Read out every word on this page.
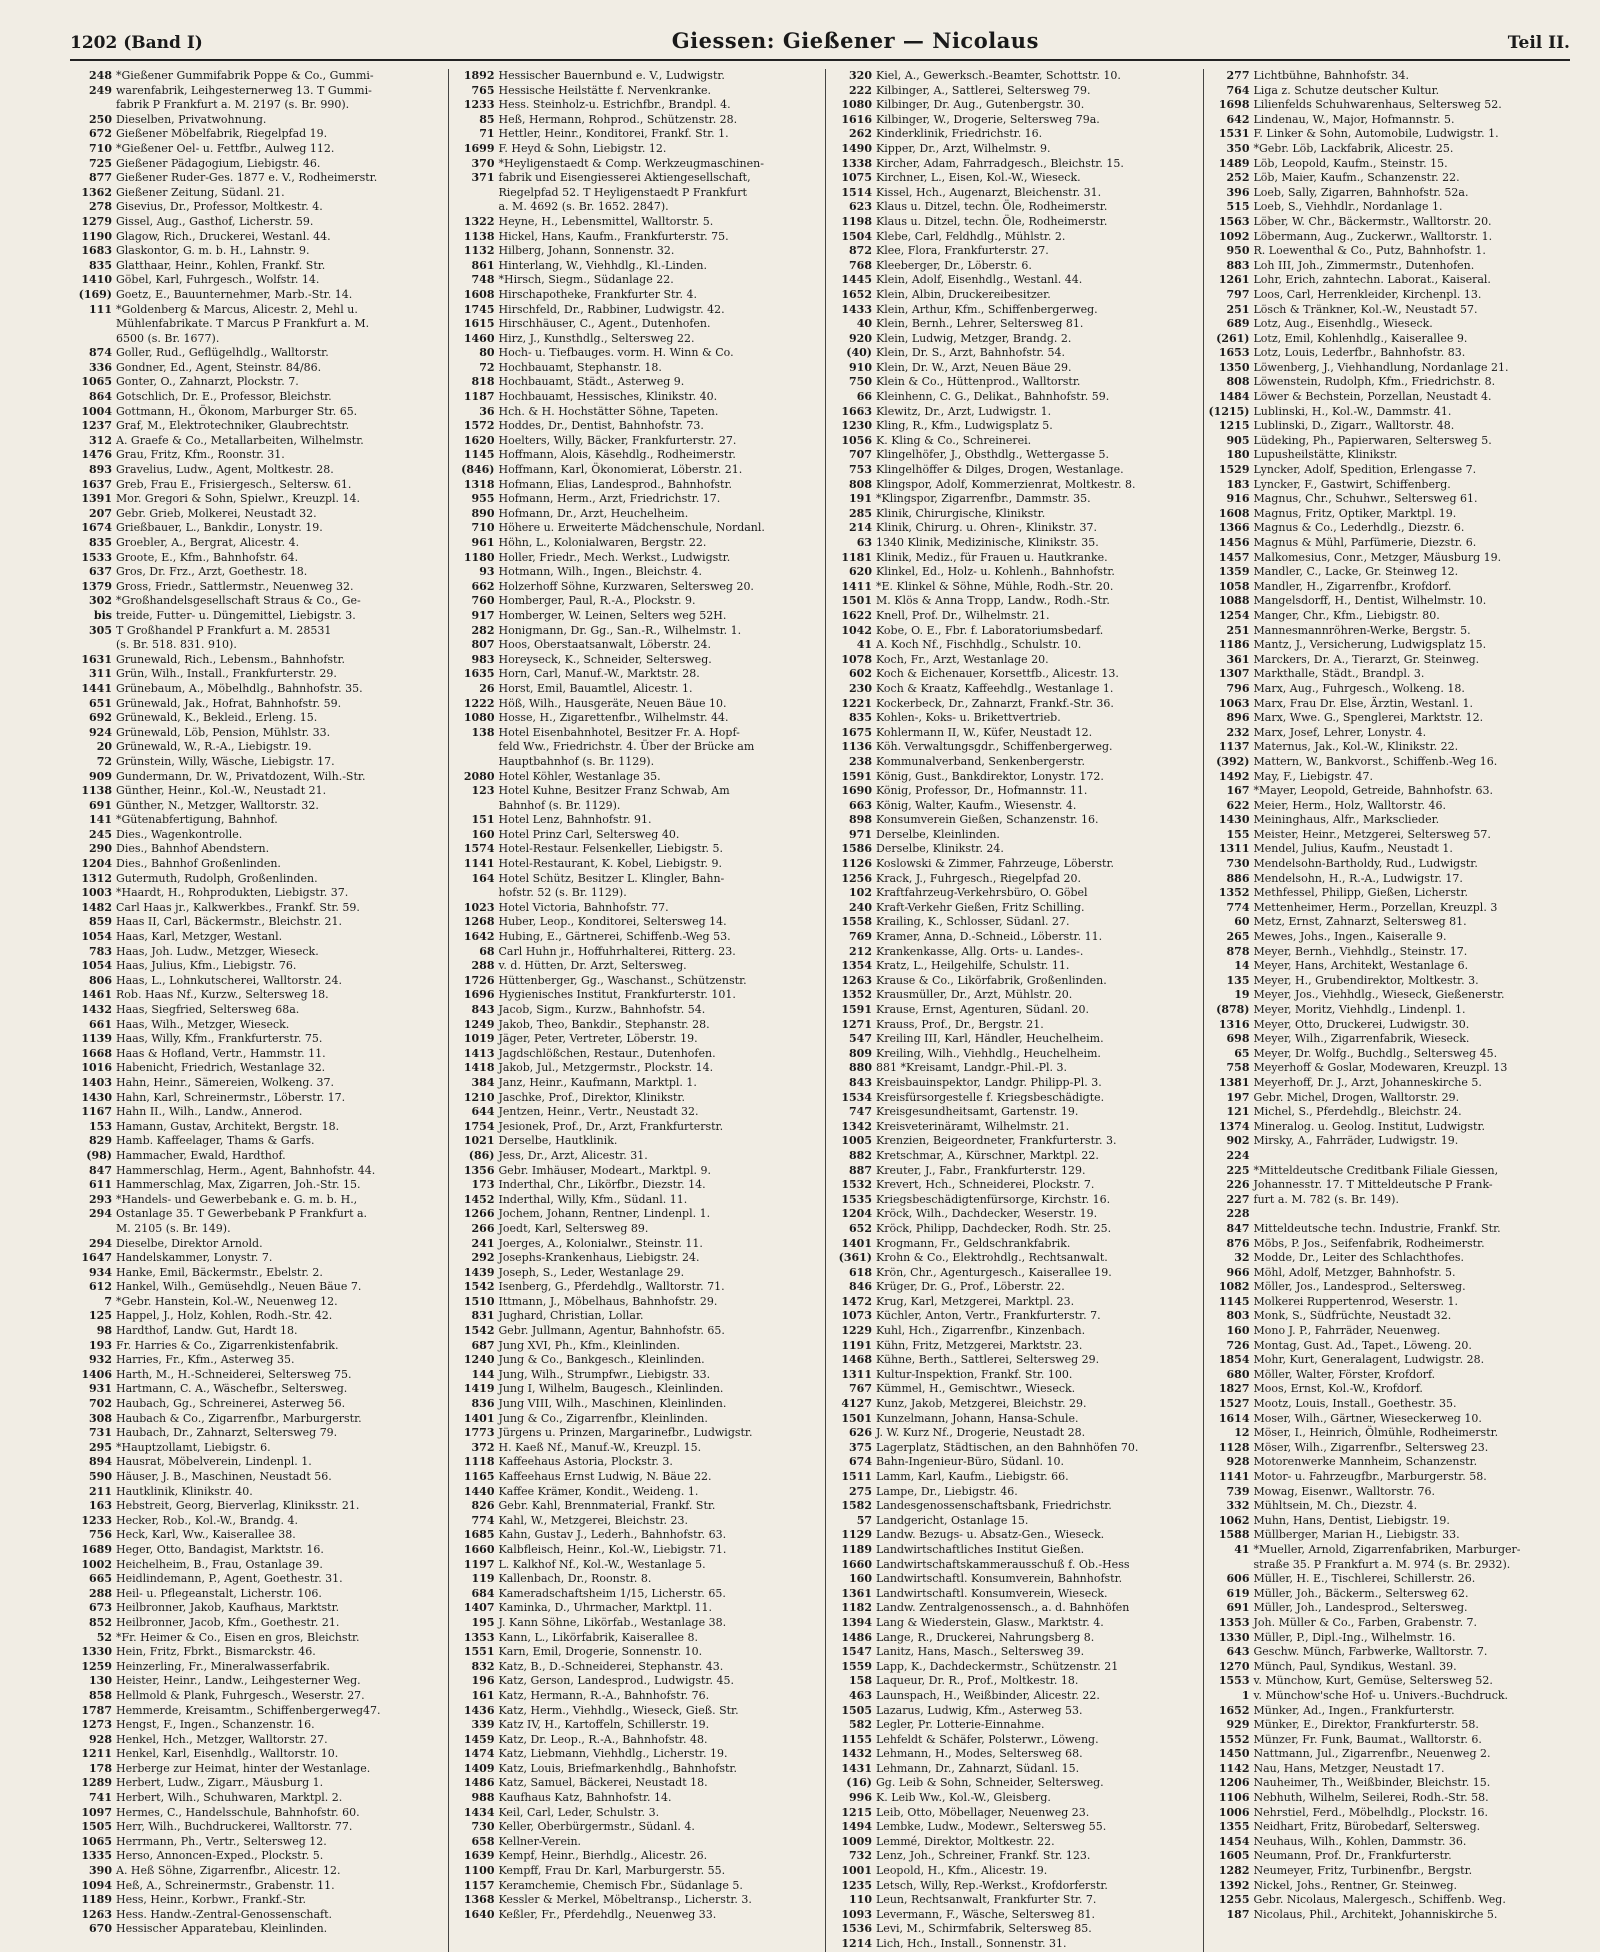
1202 (Band I)	Giessen: Gießener — Nicolaus	Teil II.
248 *Gießener Gummifabrik Poppe & Co., Gummi-
249 warenfabrik, Leihgesternerweg 13. T Gummi-
fabrik P Frankfurt a. M. 2197 (s. Br. 990).
250 Dieselben, Privatwohnung.
672 Gießener Möbelfabrik, Riegelpfad 19.
710 *Gießener Oel- u. Fettfbr., Aulweg 112.
725 Gießener Pädagogium, Liebigstr. 46.
877 Gießener Ruder-Ges. 1877 e. V., Rodheimerstr.
1362 Gießener Zeitung, Südanl. 21.
278 Gisevius, Dr., Professor, Moltkestr. 4.
1279 Gissel, Aug., Gasthof, Licherstr. 59.
1190 Glagow, Rich., Druckerei, Westanl. 44.
1683 Glaskontor, G. m. b. H., Lahnstr. 9.
835 Glatthaar, Heinr., Kohlen, Frankf. Str.
1410 Göbel, Karl, Fuhrgesch., Wolfstr. 14.
(169) Goetz, E., Bauunternehmer, Marb.-Str. 14.
111 *Goldenberg & Marcus, Alicestr. 2, Mehl u.
Mühlenfabrikate. T Marcus P Frankfurt a. M.
6500 (s. Br. 1677).
874 Goller, Rud., Geflügelhdlg., Walltorstr.
336 Gondner, Ed., Agent, Steinstr. 84/86.
1065 Gonter, O., Zahnarzt, Plockstr. 7.
864 Gotschlich, Dr. E., Professor, Bleichstr.
1004 Gottmann, H., Ökonom, Marburger Str. 65.
1237 Graf, M., Elektrotechniker, Glaubrechtstr.
312 A. Graefe & Co., Metallarbeiten, Wilhelmstr.
1476 Grau, Fritz, Kfm., Roonstr. 31.
893 Gravelius, Ludw., Agent, Moltkestr. 28.
1637 Greb, Frau E., Frisiergesch., Seltersw. 61.
1391 Mor. Gregori & Sohn, Spielwr., Kreuzpl. 14.
207 Gebr. Grieb, Molkerei, Neustadt 32.
1674 Grießbauer, L., Bankdir., Lonystr. 19.
835 Groebler, A., Bergrat, Alicestr. 4.
1533 Groote, E., Kfm., Bahnhofstr. 64.
637 Gros, Dr. Frz., Arzt, Goethestr. 18.
1379 Gross, Friedr., Sattlermstr., Neuenweg 32.
302 *Großhandelsgesellschaft Straus & Co., Ge-
bis treide, Futter- u. Düngemittel, Liebigstr. 3.
305 T Großhandel P Frankfurt a. M. 28531
(s. Br. 518. 831. 910).
1631 Grunewald, Rich., Lebensm., Bahnhofstr.
311 Grün, Wilh., Install., Frankfurterstr. 29.
1441 Grünebaum, A., Möbelhdlg., Bahnhofstr. 35.
651 Grünewald, Jak., Hofrat, Bahnhofstr. 59.
692 Grünewald, K., Bekleid., Erleng. 15.
924 Grünewald, Löb, Pension, Mühlstr. 33.
20 Grünewald, W., R.-A., Liebigstr. 19.
72 Grünstein, Willy, Wäsche, Liebigstr. 17.
909 Gundermann, Dr. W., Privatdozent, Wilh.-Str.
1138 Günther, Heinr., Kol.-W., Neustadt 21.
691 Günther, N., Metzger, Walltorstr. 32.
141 *Gütenabfertigung, Bahnhof.
245 Dies., Wagenkontrolle.
290 Dies., Bahnhof Abendstern.
1204 Dies., Bahnhof Großenlinden.
1312 Gutermuth, Rudolph, Großenlinden.
1003 *Haardt, H., Rohprodukten, Liebigstr. 37.
1482 Carl Haas jr., Kalkwerkbes., Frankf. Str. 59.
859 Haas II, Carl, Bäckermstr., Bleichstr. 21.
1054 Haas, Karl, Metzger, Westanl.
783 Haas, Joh. Ludw., Metzger, Wieseck.
1054 Haas, Julius, Kfm., Liebigstr. 76.
806 Haas, L., Lohnkutscherei, Walltorstr. 24.
1461 Rob. Haas Nf., Kurzw., Seltersweg 18.
1432 Haas, Siegfried, Seltersweg 68a.
661 Haas, Wilh., Metzger, Wieseck.
1139 Haas, Willy, Kfm., Frankfurterstr. 75.
1668 Haas & Hofland, Vertr., Hammstr. 11.
1016 Habenicht, Friedrich, Westanlage 32.
1403 Hahn, Heinr., Sämereien, Wolkeng. 37.
1430 Hahn, Karl, Schreinermstr., Löberstr. 17.
1167 Hahn II., Wilh., Landw., Annerod.
153 Hamann, Gustav, Architekt, Bergstr. 18.
829 Hamb. Kaffeelager, Thams & Garfs.
(98) Hammacher, Ewald, Hardthof.
847 Hammerschlag, Herm., Agent, Bahnhofstr. 44.
611 Hammerschlag, Max, Zigarren, Joh.-Str. 15.
293 *Handels- und Gewerbebank e. G. m. b. H.,
294 Ostanlage 35. T Gewerbebank P Frankfurt a.
M. 2105 (s. Br. 149).
294 Dieselbe, Direktor Arnold.
1647 Handelskammer, Lonystr. 7.
934 Hanke, Emil, Bäckermstr., Ebelstr. 2.
612 Hankel, Wilh., Gemüsehdlg., Neuen Bäue 7.
7 *Gebr. Hanstein, Kol.-W., Neuenweg 12.
125 Happel, J., Holz, Kohlen, Rodh.-Str. 42.
98 Hardthof, Landw. Gut, Hardt 18.
193 Fr. Harries & Co., Zigarrenkistenfabrik.
932 Harries, Fr., Kfm., Asterweg 35.
1406 Harth, M., H.-Schneiderei, Seltersweg 75.
931 Hartmann, C. A., Wäschefbr., Seltersweg.
702 Haubach, Gg., Schreinerei, Asterweg 56.
308 Haubach & Co., Zigarrenfbr., Marburgerstr.
731 Haubach, Dr., Zahnarzt, Seltersweg 79.
295 *Hauptzollamt, Liebigstr. 6.
894 Hausrat, Möbelverein, Lindenpl. 1.
590 Häuser, J. B., Maschinen, Neustadt 56.
211 Hautklinik, Klinikstr. 40.
163 Hebstreit, Georg, Bierverlag, Kliniksstr. 21.
1233 Hecker, Rob., Kol.-W., Brandg. 4.
756 Heck, Karl, Ww., Kaiserallee 38.
1689 Heger, Otto, Bandagist, Marktstr. 16.
1002 Heichelheim, B., Frau, Ostanlage 39.
665 Heidlindemann, P., Agent, Goethestr. 31.
288 Heil- u. Pflegeanstalt, Licherstr. 106.
673 Heilbronner, Jakob, Kaufhaus, Marktstr.
852 Heilbronner, Jacob, Kfm., Goethestr. 21.
52 *Fr. Heimer & Co., Eisen en gros, Bleichstr.
1330 Hein, Fritz, Fbrkt., Bismarckstr. 46.
1259 Heinzerling, Fr., Mineralwasserfabrik.
130 Heister, Heinr., Landw., Leihgesterner Weg.
858 Hellmold & Plank, Fuhrgesch., Weserstr. 27.
1787 Hemmerde, Kreisamtm., Schiffenbergerweg47.
1273 Hengst, F., Ingen., Schanzenstr. 16.
928 Henkel, Hch., Metzger, Walltorstr. 27.
1211 Henkel, Karl, Eisenhdlg., Walltorstr. 10.
178 Herberge zur Heimat, hinter der Westanlage.
1289 Herbert, Ludw., Zigarr., Mäusburg 1.
741 Herbert, Wilh., Schuhwaren, Marktpl. 2.
1097 Hermes, C., Handelsschule, Bahnhofstr. 60.
1505 Herr, Wilh., Buchdruckerei, Walltorstr. 77.
1065 Herrmann, Ph., Vertr., Seltersweg 12.
1335 Herso, Annoncen-Exped., Plockstr. 5.
390 A. Heß Söhne, Zigarrenfbr., Alicestr. 12.
1094 Heß, A., Schreinermstr., Grabenstr. 11.
1189 Hess, Heinr., Korbwr., Frankf.-Str.
1263 Hess. Handw.-Zentral-Genossenschaft.
670 Hessischer Apparatebau, Kleinlinden.
1892 Hessischer Bauernbund e. V., Ludwigstr.
765 Hessische Heilstätte f. Nervenkranke.
1233 Hess. Steinholz-u. Estrichfbr., Brandpl. 4.
85 Heß, Hermann, Rohprod., Schützenstr. 28.
71 Hettler, Heinr., Konditorei, Frankf. Str. 1.
1699 F. Heyd & Sohn, Liebigstr. 12.
370 *Heyligenstaedt & Comp. Werkzeugmaschinen-
371 fabrik und Eisengiesserei Aktiengesellschaft,
Riegelpfad 52. T Heyligenstaedt P Frankfurt
a. M. 4692 (s. Br. 1652. 2847).
1322 Heyne, H., Lebensmittel, Walltorstr. 5.
1138 Hickel, Hans, Kaufm., Frankfurterstr. 75.
1132 Hilberg, Johann, Sonnenstr. 32.
861 Hinterlang, W., Viehhdlg., Kl.-Linden.
748 *Hirsch, Siegm., Südanlage 22.
1608 Hirschapotheke, Frankfurter Str. 4.
1745 Hirschfeld, Dr., Rabbiner, Ludwigstr. 42.
1615 Hirschhäuser, C., Agent., Dutenhofen.
1460 Hirz, J., Kunsthdlg., Seltersweg 22.
80 Hoch- u. Tiefbauges. vorm. H. Winn & Co.
72 Hochbauamt, Stephanstr. 18.
818 Hochbauamt, Städt., Asterweg 9.
1187 Hochbauamt, Hessisches, Klinikstr. 40.
36 Hch. & H. Hochstätter Söhne, Tapeten.
1572 Hoddes, Dr., Dentist, Bahnhofstr. 73.
1620 Hoelters, Willy, Bäcker, Frankfurterstr. 27.
1145 Hoffmann, Alois, Käsehdlg., Rodheimerstr.
(846) Hoffmann, Karl, Ökonomierat, Löberstr. 21.
1318 Hofmann, Elias, Landesprod., Bahnhofstr.
955 Hofmann, Herm., Arzt, Friedrichstr. 17.
890 Hofmann, Dr., Arzt, Heuchelheim.
710 Höhere u. Erweiterte Mädchenschule, Nordanl.
961 Höhn, L., Kolonialwaren, Bergstr. 22.
1180 Holler, Friedr., Mech. Werkst., Ludwigstr.
93 Hotmann, Wilh., Ingen., Bleichstr. 4.
662 Holzerhoff Söhne, Kurzwaren, Seltersweg 20.
760 Homberger, Paul, R.-A., Plockstr. 9.
917 Homberger, W. Leinen, Selters weg 52H.
282 Honigmann, Dr. Gg., San.-R., Wilhelmstr. 1.
807 Hoos, Oberstaatsanwalt, Löberstr. 24.
983 Horeyseck, K., Schneider, Seltersweg.
1635 Horn, Carl, Manuf.-W., Marktstr. 28.
26 Horst, Emil, Bauamtlel, Alicestr. 1.
1222 Höß, Wilh., Hausgeräte, Neuen Bäue 10.
1080 Hosse, H., Zigarettenfbr., Wilhelmstr. 44.
138 Hotel Eisenbahnhotel, Besitzer Fr. A. Hopf-
feld Ww., Friedrichstr. 4. Über der Brücke am
Hauptbahnhof (s. Br. 1129).
2080 Hotel Köhler, Westanlage 35.
123 Hotel Kuhne, Besitzer Franz Schwab, Am
Bahnhof (s. Br. 1129).
151 Hotel Lenz, Bahnhofstr. 91.
160 Hotel Prinz Carl, Seltersweg 40.
1574 Hotel-Restaur. Felsenkeller, Liebigstr. 5.
1141 Hotel-Restaurant, K. Kobel, Liebigstr. 9.
164 Hotel Schütz, Besitzer L. Klingler, Bahn-
hofstr. 52 (s. Br. 1129).
1023 Hotel Victoria, Bahnhofstr. 77.
1268 Huber, Leop., Konditorei, Seltersweg 14.
1642 Hubing, E., Gärtnerei, Schiffenb.-Weg 53.
68 Carl Huhn jr., Hoffuhrhalterei, Ritterg. 23.
288 v. d. Hütten, Dr. Arzt, Seltersweg.
1726 Hüttenberger, Gg., Waschanst., Schützenstr.
1696 Hygienisches Institut, Frankfurterstr. 101.
843 Jacob, Sigm., Kurzw., Bahnhofstr. 54.
1249 Jakob, Theo, Bankdir., Stephanstr. 28.
1019 Jäger, Peter, Vertreter, Löberstr. 19.
1413 Jagdschlößchen, Restaur., Dutenhofen.
1418 Jakob, Jul., Metzgermstr., Plockstr. 14.
384 Janz, Heinr., Kaufmann, Marktpl. 1.
1210 Jaschke, Prof., Direktor, Klinikstr.
644 Jentzen, Heinr., Vertr., Neustadt 32.
1754 Jesionek, Prof., Dr., Arzt, Frankfurterstr.
1021 Derselbe, Hautklinik.
(86) Jess, Dr., Arzt, Alicestr. 31.
1356 Gebr. Imhäuser, Modeart., Marktpl. 9.
173 Inderthal, Chr., Likörfbr., Diezstr. 14.
1452 Inderthal, Willy, Kfm., Südanl. 11.
1266 Jochem, Johann, Rentner, Lindenpl. 1.
266 Joedt, Karl, Seltersweg 89.
241 Joerges, A., Kolonialwr., Steinstr. 11.
292 Josephs-Krankenhaus, Liebigstr. 24.
1439 Joseph, S., Leder, Westanlage 29.
1542 Isenberg, G., Pferdehdlg., Walltorstr. 71.
1510 Ittmann, J., Möbelhaus, Bahnhofstr. 29.
831 Jughard, Christian, Lollar.
1542 Gebr. Jullmann, Agentur, Bahnhofstr. 65.
687 Jung XVI, Ph., Kfm., Kleinlinden.
1240 Jung & Co., Bankgesch., Kleinlinden.
144 Jung, Wilh., Strumpfwr., Liebigstr. 33.
1419 Jung I, Wilhelm, Baugesch., Kleinlinden.
836 Jung VIII, Wilh., Maschinen, Kleinlinden.
1401 Jung & Co., Zigarrenfbr., Kleinlinden.
1773 Jürgens u. Prinzen, Margarinefbr., Ludwigstr.
372 H. Kaeß Nf., Manuf.-W., Kreuzpl. 15.
1118 Kaffeehaus Astoria, Plockstr. 3.
1165 Kaffeehaus Ernst Ludwig, N. Bäue 22.
1440 Kaffee Krämer, Kondit., Weideng. 1.
826 Gebr. Kahl, Brennmaterial, Frankf. Str.
774 Kahl, W., Metzgerei, Bleichstr. 23.
1685 Kahn, Gustav J., Lederh., Bahnhofstr. 63.
1660 Kalbfleisch, Heinr., Kol.-W., Liebigstr. 71.
1197 L. Kalkhof Nf., Kol.-W., Westanlage 5.
119 Kallenbach, Dr., Roonstr. 8.
684 Kameradschaftsheim 1/15, Licherstr. 65.
1407 Kaminka, D., Uhrmacher, Marktpl. 11.
195 J. Kann Söhne, Likörfab., Westanlage 38.
1353 Kann, L., Likörfabrik, Kaiserallee 8.
1551 Karn, Emil, Drogerie, Sonnenstr. 10.
832 Katz, B., D.-Schneiderei, Stephanstr. 43.
196 Katz, Gerson, Landesprod., Ludwigstr. 45.
161 Katz, Hermann, R.-A., Bahnhofstr. 76.
1436 Katz, Herm., Viehhdlg., Wieseck, Gieß. Str.
339 Katz IV, H., Kartoffeln, Schillerstr. 19.
1459 Katz, Dr. Leop., R.-A., Bahnhofstr. 48.
1474 Katz, Liebmann, Viehhdlg., Licherstr. 19.
1409 Katz, Louis, Briefmarkenhdlg., Bahnhofstr.
1486 Katz, Samuel, Bäckerei, Neustadt 18.
988 Kaufhaus Katz, Bahnhofstr. 14.
1434 Keil, Carl, Leder, Schulstr. 3.
730 Keller, Oberbürgermstr., Südanl. 4.
658 Kellner-Verein.
1639 Kempf, Heinr., Bierhdlg., Alicestr. 26.
1100 Kempff, Frau Dr. Karl, Marburgerstr. 55.
1157 Keramchemie, Chemisch Fbr., Südanlage 5.
1368 Kessler & Merkel, Möbeltransp., Licherstr. 3.
1640 Keßler, Fr., Pferdehdlg., Neuenweg 33.
320 Kiel, A., Gewerksch.-Beamter, Schottstr. 10.
222 Kilbinger, A., Sattlerei, Seltersweg 79.
1080 Kilbinger, Dr. Aug., Gutenbergstr. 30.
1616 Kilbinger, W., Drogerie, Seltersweg 79a.
262 Kinderklinik, Friedrichstr. 16.
1490 Kipper, Dr., Arzt, Wilhelmstr. 9.
1338 Kircher, Adam, Fahrradgesch., Bleichstr. 15.
1075 Kirchner, L., Eisen, Kol.-W., Wieseck.
1514 Kissel, Hch., Augenarzt, Bleichenstr. 31.
623 Klaus u. Ditzel, techn. Öle, Rodheimerstr.
1198 Klaus u. Ditzel, techn. Öle, Rodheimerstr.
1504 Klebe, Carl, Feldhdlg., Mühlstr. 2.
872 Klee, Flora, Frankfurterstr. 27.
768 Kleeberger, Dr., Löberstr. 6.
1445 Klein, Adolf, Eisenhdlg., Westanl. 44.
1652 Klein, Albin, Druckereibesitzer.
1433 Klein, Arthur, Kfm., Schiffenbergerweg.
40 Klein, Bernh., Lehrer, Seltersweg 81.
920 Klein, Ludwig, Metzger, Brandg. 2.
(40) Klein, Dr. S., Arzt, Bahnhofstr. 54.
910 Klein, Dr. W., Arzt, Neuen Bäue 29.
750 Klein & Co., Hüttenprod., Walltorstr.
66 Kleinhenn, C. G., Delikat., Bahnhofstr. 59.
1663 Klewitz, Dr., Arzt, Ludwigstr. 1.
1230 Kling, R., Kfm., Ludwigsplatz 5.
1056 K. Kling & Co., Schreinerei.
707 Klingelhöfer, J., Obsthdlg., Wettergasse 5.
753 Klingelhöffer & Dilges, Drogen, Westanlage.
808 Klingspor, Adolf, Kommerzienrat, Moltkestr. 8.
191 *Klingspor, Zigarrenfbr., Dammstr. 35.
285 Klinik, Chirurgische, Klinikstr.
214 Klinik, Chirurg. u. Ohren-, Klinikstr. 37.
63 1340 Klinik, Medizinische, Klinikstr. 35.
1181 Klinik, Mediz., für Frauen u. Hautkranke.
620 Klinkel, Ed., Holz- u. Kohlenh., Bahnhofstr.
1411 *E. Klinkel & Söhne, Mühle, Rodh.-Str. 20.
1501 M. Klös & Anna Tropp, Landw., Rodh.-Str.
1622 Knell, Prof. Dr., Wilhelmstr. 21.
1042 Kobe, O. E., Fbr. f. Laboratoriumsbedarf.
41 A. Koch Nf., Fischhdlg., Schulstr. 10.
1078 Koch, Fr., Arzt, Westanlage 20.
602 Koch & Eichenauer, Korsettfb., Alicestr. 13.
230 Koch & Kraatz, Kaffeehdlg., Westanlage 1.
1221 Kockerbeck, Dr., Zahnarzt, Frankf.-Str. 36.
835 Kohlen-, Koks- u. Brikettvertrieb.
1675 Kohlermann II, W., Küfer, Neustadt 12.
1136 Köh. Verwaltungsgdr., Schiffenbergerweg.
238 Kommunalverband, Senkenbergerstr.
1591 König, Gust., Bankdirektor, Lonystr. 172.
1690 König, Professor, Dr., Hofmannstr. 11.
663 König, Walter, Kaufm., Wiesenstr. 4.
898 Konsumverein Gießen, Schanzenstr. 16.
971 Derselbe, Kleinlinden.
1586 Derselbe, Klinikstr. 24.
1126 Koslowski & Zimmer, Fahrzeuge, Löberstr.
1256 Krack, J., Fuhrgesch., Riegelpfad 20.
102 Kraftfahrzeug-Verkehrsbüro, O. Göbel
240 Kraft-Verkehr Gießen, Fritz Schilling.
1558 Krailing, K., Schlosser, Südanl. 27.
769 Kramer, Anna, D.-Schneid., Löberstr. 11.
212 Krankenkasse, Allg. Orts- u. Landes-.
1354 Kratz, L., Heilgehilfe, Schulstr. 11.
1263 Krause & Co., Likörfabrik, Großenlinden.
1352 Krausmüller, Dr., Arzt, Mühlstr. 20.
1591 Krause, Ernst, Agenturen, Südanl. 20.
1271 Krauss, Prof., Dr., Bergstr. 21.
547 Kreiling III, Karl, Händler, Heuchelheim.
809 Kreiling, Wilh., Viehhdlg., Heuchelheim.
880 881 *Kreisamt, Landgr.-Phil.-Pl. 3.
843 Kreisbauinspektor, Landgr. Philipp-Pl. 3.
1534 Kreisfürsorgestelle f. Kriegsbeschädigte.
747 Kreisgesundheitsamt, Gartenstr. 19.
1342 Kreisveterinäramt, Wilhelmstr. 21.
1005 Krenzien, Beigeordneter, Frankfurterstr. 3.
882 Kretschmar, A., Kürschner, Marktpl. 22.
887 Kreuter, J., Fabr., Frankfurterstr. 129.
1532 Krevert, Hch., Schneiderei, Plockstr. 7.
1535 Kriegsbeschädigtenfürsorge, Kirchstr. 16.
1204 Kröck, Wilh., Dachdecker, Weserstr. 19.
652 Kröck, Philipp, Dachdecker, Rodh. Str. 25.
1401 Krogmann, Fr., Geldschrankfabrik.
(361) Krohn & Co., Elektrohdlg., Rechtsanwalt.
618 Krön, Chr., Agenturgesch., Kaiserallee 19.
846 Krüger, Dr. G., Prof., Löberstr. 22.
1472 Krug, Karl, Metzgerei, Marktpl. 23.
1073 Küchler, Anton, Vertr., Frankfurterstr. 7.
1229 Kuhl, Hch., Zigarrenfbr., Kinzenbach.
1191 Kühn, Fritz, Metzgerei, Marktstr. 23.
1468 Kühne, Berth., Sattlerei, Seltersweg 29.
1311 Kultur-Inspektion, Frankf. Str. 100.
767 Kümmel, H., Gemischtwr., Wieseck.
4127 Kunz, Jakob, Metzgerei, Bleichstr. 29.
1501 Kunzelmann, Johann, Hansa-Schule.
626 J. W. Kurz Nf., Drogerie, Neustadt 28.
375 Lagerplatz, Städtischen, an den Bahnhöfen 70.
674 Bahn-Ingenieur-Büro, Südanl. 10.
1511 Lamm, Karl, Kaufm., Liebigstr. 66.
275 Lampe, Dr., Liebigstr. 46.
1582 Landesgenossenschaftsbank, Friedrichstr.
57 Landgericht, Ostanlage 15.
1129 Landw. Bezugs- u. Absatz-Gen., Wieseck.
1189 Landwirtschaftliches Institut Gießen.
1660 Landwirtschaftskammerausschuß f. Ob.-Hess
160 Landwirtschaftl. Konsumverein, Bahnhofstr.
1361 Landwirtschaftl. Konsumverein, Wieseck.
1182 Landw. Zentralgenossensch., a. d. Bahnhöfen
1394 Lang & Wiederstein, Glasw., Marktstr. 4.
1486 Lange, R., Druckerei, Nahrungsberg 8.
1547 Lanitz, Hans, Masch., Seltersweg 39.
1559 Lapp, K., Dachdeckermstr., Schützenstr. 21
158 Laqueur, Dr. R., Prof., Moltkestr. 18.
463 Launspach, H., Weißbinder, Alicestr. 22.
1505 Lazarus, Ludwig, Kfm., Asterweg 53.
582 Legler, Pr. Lotterie-Einnahme.
1155 Lehfeldt & Schäfer, Polsterwr., Löweng.
1432 Lehmann, H., Modes, Seltersweg 68.
1431 Lehmann, Dr., Zahnarzt, Südanl. 15.
(16) Gg. Leib & Sohn, Schneider, Seltersweg.
996 K. Leib Ww., Kol.-W., Gleisberg.
1215 Leib, Otto, Möbellager, Neuenweg 23.
1494 Lembke, Ludw., Modewr., Seltersweg 55.
1009 Lemmé, Direktor, Moltkestr. 22.
732 Lenz, Joh., Schreiner, Frankf. Str. 123.
1001 Leopold, H., Kfm., Alicestr. 19.
1235 Letsch, Willy, Rep.-Werkst., Krofdorferstr.
110 Leun, Rechtsanwalt, Frankfurter Str. 7.
1093 Levermann, F., Wäsche, Seltersweg 81.
1536 Levi, M., Schirmfabrik, Seltersweg 85.
1214 Lich, Hch., Install., Sonnenstr. 31.
277 Lichtbühne, Bahnhofstr. 34.
764 Liga z. Schutze deutscher Kultur.
1698 Lilienfelds Schuhwarenhaus, Seltersweg 52.
642 Lindenau, W., Major, Hofmannstr. 5.
1531 F. Linker & Sohn, Automobile, Ludwigstr. 1.
350 *Gebr. Löb, Lackfabrik, Alicestr. 25.
1489 Löb, Leopold, Kaufm., Steinstr. 15.
252 Löb, Maier, Kaufm., Schanzenstr. 22.
396 Loeb, Sally, Zigarren, Bahnhofstr. 52a.
515 Loeb, S., Viehhdlr., Nordanlage 1.
1563 Löber, W. Chr., Bäckermstr., Walltorstr. 20.
1092 Löbermann, Aug., Zuckerwr., Walltorstr. 1.
950 R. Loewenthal & Co., Putz, Bahnhofstr. 1.
883 Loh III, Joh., Zimmermstr., Dutenhofen.
1261 Lohr, Erich, zahntechn. Laborat., Kaiseral.
797 Loos, Carl, Herrenkleider, Kirchenpl. 13.
251 Lösch & Tränkner, Kol.-W., Neustadt 57.
689 Lotz, Aug., Eisenhdlg., Wieseck.
(261) Lotz, Emil, Kohlenhdlg., Kaiserallee 9.
1653 Lotz, Louis, Lederfbr., Bahnhofstr. 83.
1350 Löwenberg, J., Viehhandlung, Nordanlage 21.
808 Löwenstein, Rudolph, Kfm., Friedrichstr. 8.
1484 Löwer & Bechstein, Porzellan, Neustadt 4.
(1215) Lublinski, H., Kol.-W., Dammstr. 41.
1215 Lublinski, D., Zigarr., Walltorstr. 48.
905 Lüdeking, Ph., Papierwaren, Seltersweg 5.
180 Lupusheilstätte, Klinikstr.
1529 Lyncker, Adolf, Spedition, Erlengasse 7.
183 Lyncker, F., Gastwirt, Schiffenberg.
916 Magnus, Chr., Schuhwr., Seltersweg 61.
1608 Magnus, Fritz, Optiker, Marktpl. 19.
1366 Magnus & Co., Lederhdlg., Diezstr. 6.
1456 Magnus & Mühl, Parfümerie, Diezstr. 6.
1457 Malkomesius, Conr., Metzger, Mäusburg 19.
1359 Mandler, C., Lacke, Gr. Steinweg 12.
1058 Mandler, H., Zigarrenfbr., Krofdorf.
1088 Mangelsdorff, H., Dentist, Wilhelmstr. 10.
1254 Manger, Chr., Kfm., Liebigstr. 80.
251 Mannesmannröhren-Werke, Bergstr. 5.
1186 Mantz, J., Versicherung, Ludwigsplatz 15.
361 Marckers, Dr. A., Tierarzt, Gr. Steinweg.
1307 Markthalle, Städt., Brandpl. 3.
796 Marx, Aug., Fuhrgesch., Wolkeng. 18.
1063 Marx, Frau Dr. Else, Ärztin, Westanl. 1.
896 Marx, Wwe. G., Spenglerei, Marktstr. 12.
232 Marx, Josef, Lehrer, Lonystr. 4.
1137 Maternus, Jak., Kol.-W., Klinikstr. 22.
(392) Mattern, W., Bankvorst., Schiffenb.-Weg 16.
1492 May, F., Liebigstr. 47.
167 *Mayer, Leopold, Getreide, Bahnhofstr. 63.
622 Meier, Herm., Holz, Walltorstr. 46.
1430 Meininghaus, Alfr., Marksclieder.
155 Meister, Heinr., Metzgerei, Seltersweg 57.
1311 Mendel, Julius, Kaufm., Neustadt 1.
730 Mendelsohn-Bartholdy, Rud., Ludwigstr.
886 Mendelsohn, H., R.-A., Ludwigstr. 17.
1352 Methfessel, Philipp, Gießen, Licherstr.
774 Mettenheimer, Herm., Porzellan, Kreuzpl. 3
60 Metz, Ernst, Zahnarzt, Seltersweg 81.
265 Mewes, Johs., Ingen., Kaiseralle 9.
878 Meyer, Bernh., Viehhdlg., Steinstr. 17.
14 Meyer, Hans, Architekt, Westanlage 6.
135 Meyer, H., Grubendirektor, Moltkestr. 3.
19 Meyer, Jos., Viehhdlg., Wieseck, Gießenerstr.
(878) Meyer, Moritz, Viehhdlg., Lindenpl. 1.
1316 Meyer, Otto, Druckerei, Ludwigstr. 30.
698 Meyer, Wilh., Zigarrenfabrik, Wieseck.
65 Meyer, Dr. Wolfg., Buchdlg., Seltersweg 45.
758 Meyerhoff & Goslar, Modewaren, Kreuzpl. 13
1381 Meyerhoff, Dr. J., Arzt, Johanneskirche 5.
197 Gebr. Michel, Drogen, Walltorstr. 29.
121 Michel, S., Pferdehdlg., Bleichstr. 24.
1374 Mineralog. u. Geolog. Institut, Ludwigstr.
902 Mirsky, A., Fahrräder, Ludwigstr. 19.
224
225 *Mitteldeutsche Creditbank Filiale Giessen,
226 Johannesstr. 17. T Mitteldeutsche P Frank-
227 furt a. M. 782 (s. Br. 149).
228
847 Mitteldeutsche techn. Industrie, Frankf. Str.
876 Möbs, P. Jos., Seifenfabrik, Rodheimerstr.
32 Modde, Dr., Leiter des Schlachthofes.
966 Möhl, Adolf, Metzger, Bahnhofstr. 5.
1082 Möller, Jos., Landesprod., Seltersweg.
1145 Molkerei Ruppertenrod, Weserstr. 1.
803 Monk, S., Südfrüchte, Neustadt 32.
160 Mono J. P., Fahrräder, Neuenweg.
726 Montag, Gust. Ad., Tapet., Löweng. 20.
1854 Mohr, Kurt, Generalagent, Ludwigstr. 28.
680 Möller, Walter, Förster, Krofdorf.
1827 Moos, Ernst, Kol.-W., Krofdorf.
1527 Mootz, Louis, Install., Goethestr. 35.
1614 Moser, Wilh., Gärtner, Wieseckerweg 10.
12 Möser, I., Heinrich, Ölmühle, Rodheimerstr.
1128 Möser, Wilh., Zigarrenfbr., Seltersweg 23.
928 Motorenwerke Mannheim, Schanzenstr.
1141 Motor- u. Fahrzeugfbr., Marburgerstr. 58.
739 Mowag, Eisenwr., Walltorstr. 76.
332 Mühltsein, M. Ch., Diezstr. 4.
1062 Muhn, Hans, Dentist, Liebigstr. 19.
1588 Müllberger, Marian H., Liebigstr. 33.
41 *Mueller, Arnold, Zigarrenfabriken, Marburger-
straße 35. P Frankfurt a. M. 974 (s. Br. 2932).
606 Müller, H. E., Tischlerei, Schillerstr. 26.
619 Müller, Joh., Bäckerm., Seltersweg 62.
691 Müller, Joh., Landesprod., Seltersweg.
1353 Joh. Müller & Co., Farben, Grabenstr. 7.
1330 Müller, P., Dipl.-Ing., Wilhelmstr. 16.
643 Geschw. Münch, Farbwerke, Walltorstr. 7.
1270 Münch, Paul, Syndikus, Westanl. 39.
1553 v. Münchow, Kurt, Gemüse, Seltersweg 52.
1 v. Münchow'sche Hof- u. Univers.-Buchdruck.
1652 Münker, Ad., Ingen., Frankfurterstr.
929 Münker, E., Direktor, Frankfurterstr. 58.
1552 Münzer, Fr. Funk, Baumat., Walltorstr. 6.
1450 Nattmann, Jul., Zigarrenfbr., Neuenweg 2.
1142 Nau, Hans, Metzger, Neustadt 17.
1206 Nauheimer, Th., Weißbinder, Bleichstr. 15.
1106 Nebhuth, Wilhelm, Seilerei, Rodh.-Str. 58.
1006 Nehrstiel, Ferd., Möbelhdlg., Plockstr. 16.
1355 Neidhart, Fritz, Bürobedarf, Seltersweg.
1454 Neuhaus, Wilh., Kohlen, Dammstr. 36.
1605 Neumann, Prof. Dr., Frankfurterstr.
1282 Neumeyer, Fritz, Turbinenfbr., Bergstr.
1392 Nickel, Johs., Rentner, Gr. Steinweg.
1255 Gebr. Nicolaus, Malergesch., Schiffenb. Weg.
187 Nicolaus, Phil., Architekt, Johanniskirche 5.
